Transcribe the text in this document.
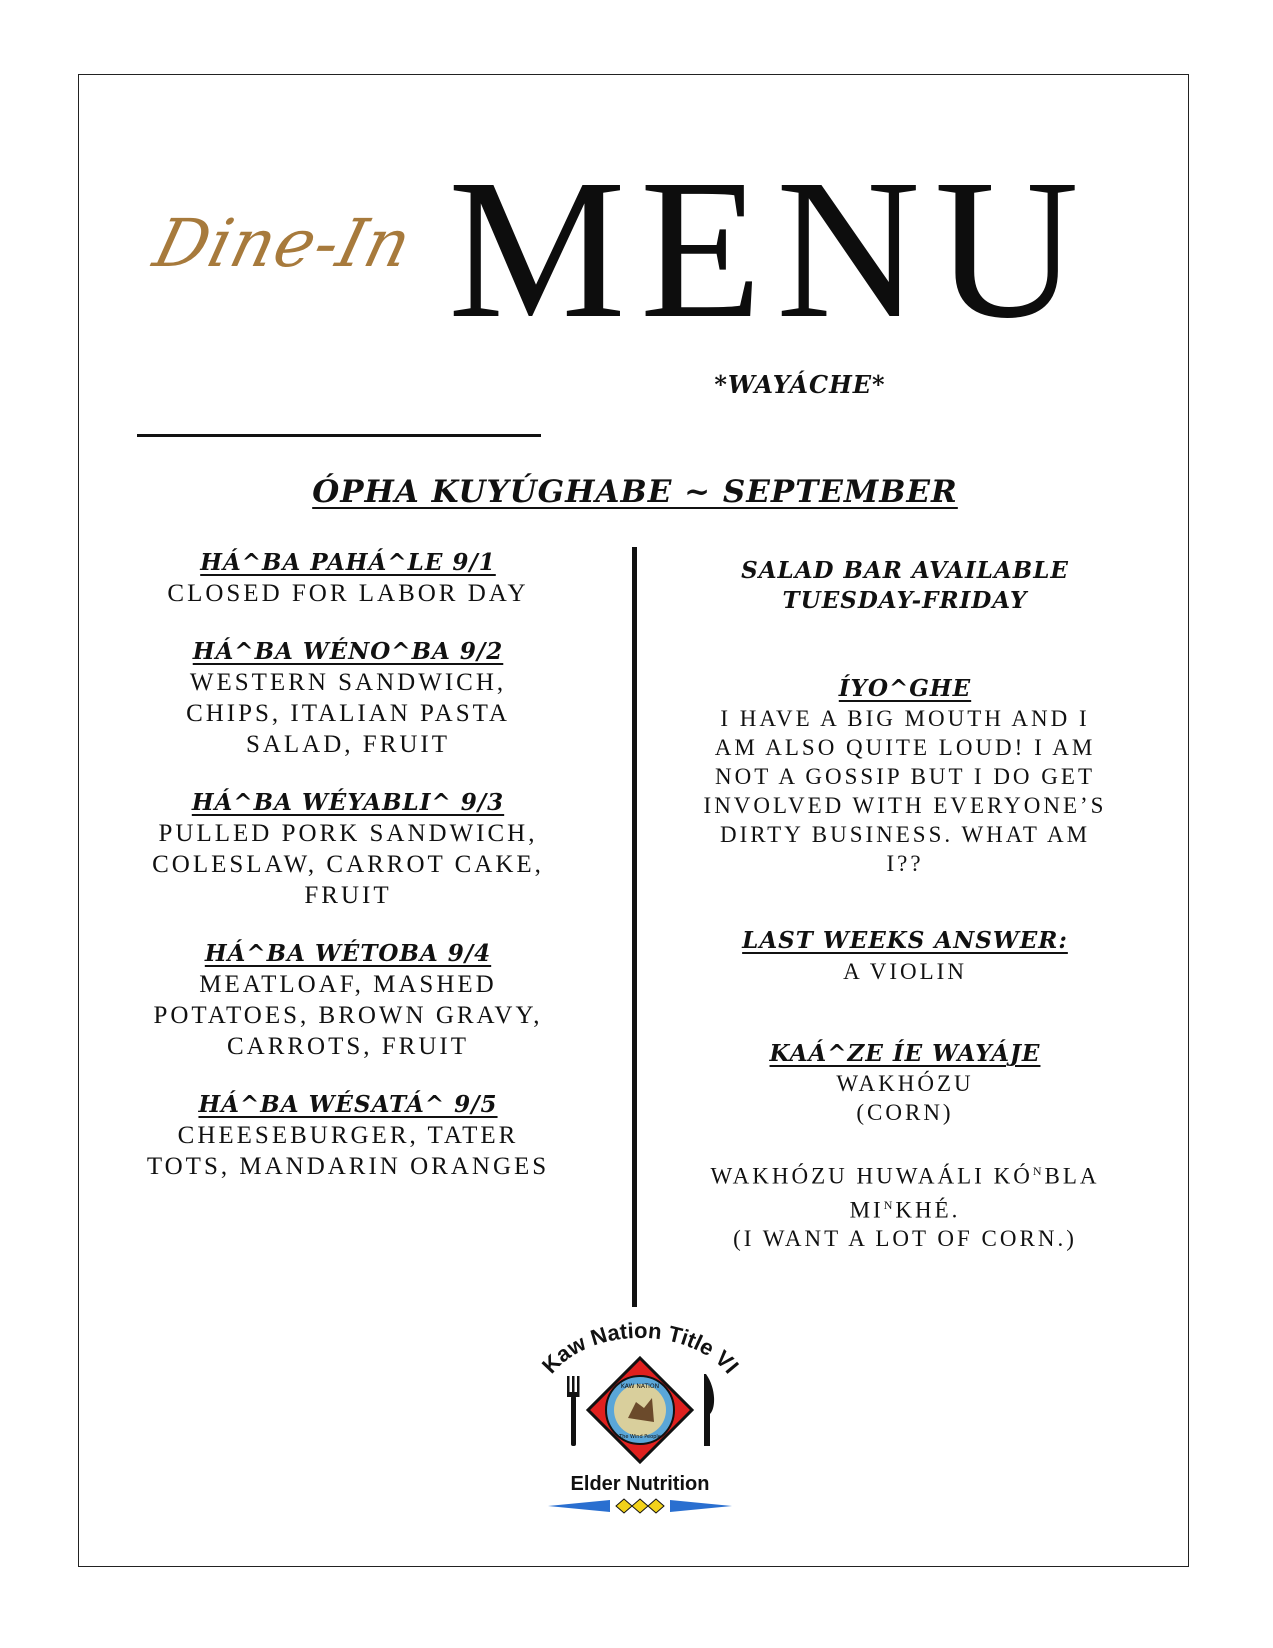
Dine-In MENU
*WAYÁCHE*
ÓPHA KUYÚGHABE ~ SEPTEMBER
HÁ^BA PAHÁ^LE 9/1
CLOSED FOR LABOR DAY
HÁ^BA WÉNO^BA 9/2
WESTERN SANDWICH,
CHIPS, ITALIAN PASTA
SALAD, FRUIT
HÁ^BA WÉYABLI^ 9/3
PULLED PORK SANDWICH,
COLESLAW, CARROT CAKE,
FRUIT
HÁ^BA WÉTOBA 9/4
MEATLOAF, MASHED
POTATOES, BROWN GRAVY,
CARROTS, FRUIT
HÁ^BA WÉSATÁ^ 9/5
CHEESEBURGER, TATER
TOTS, MANDARIN ORANGES
SALAD BAR AVAILABLE
TUESDAY-FRIDAY
ÍYO^GHE
I HAVE A BIG MOUTH AND I
AM ALSO QUITE LOUD! I AM
NOT A GOSSIP BUT I DO GET
INVOLVED WITH EVERYONE’S
DIRTY BUSINESS. WHAT AM
I??
LAST WEEKS ANSWER:
A VIOLIN
KAÁ^ZE ÍE WAYÁJE
WAKHÓZU
(CORN)
WAKHÓZU HUWAÁLI $KÓ^NBLA$
$MI^NKHÉ$.
(I WANT A LOT OF CORN.)
Kaw Nation Title VI
KAW NATION
The Wind People
Elder Nutrition
